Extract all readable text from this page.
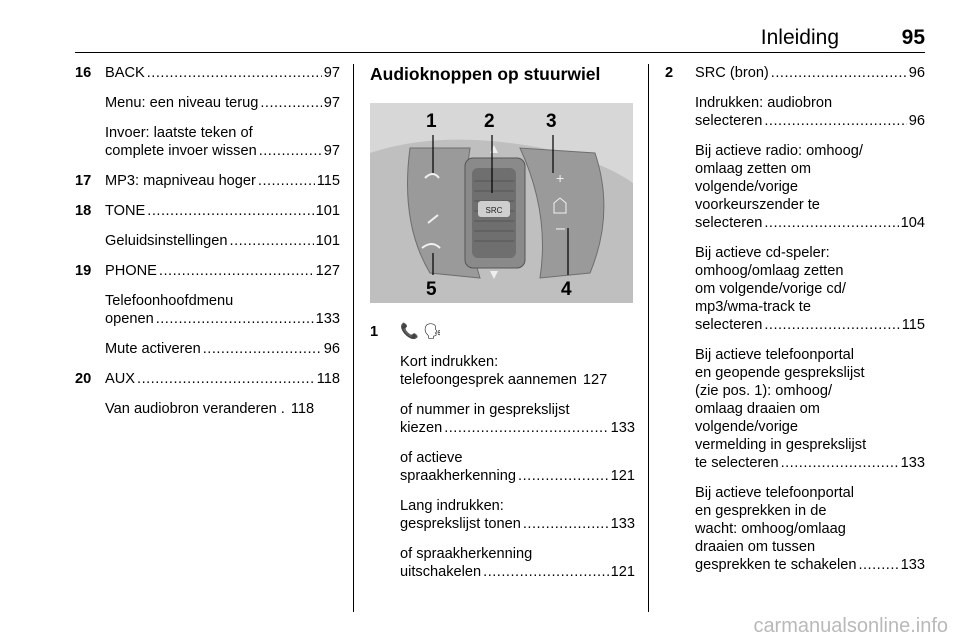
Inleiding	95
16 BACK .....	97
Menu: een niveau terug .....	97
Invoer: laatste teken of
complete invoer wissen .....	97
17 MP3: mapniveau hoger .....	115
18 TONE .....	101
Geluidsinstellingen .....	101
19 PHONE .....	127
Telefoonhoofdmenu
openen .....	133
Mute activeren .....	96
20 AUX .....	118
Van audiobron veranderen . 118
Audioknoppen op stuurwiel
SRC
+
–
1 2	3
4
5
1 📞 🗣
Kort indrukken:
telefoongesprek aannemen 127
of nummer in gesprekslijst
kiezen .....	133
of actieve
spraakherkenning .....	121
Lang indrukken:
gesprekslijst tonen .....	133
of spraakherkenning
uitschakelen .....	121
2 SRC (bron) .....	96
Indrukken: audiobron
selecteren .....	96
Bij actieve radio: omhoog/
omlaag zetten om
volgende/vorige
voorkeurszender te
selecteren .....	104
Bij actieve cd-speler:
omhoog/omlaag zetten
om volgende/vorige cd/
mp3/wma-track te
selecteren .....	115
Bij actieve telefoonportal
en geopende gesprekslijst
(zie pos. 1): omhoog/
omlaag draaien om
volgende/vorige
vermelding in gesprekslijst
te selecteren .....	133
Bij actieve telefoonportal
en gesprekken in de
wacht: omhoog/omlaag
draaien om tussen
gesprekken te schakelen .....	133
carmanualsonline.info
